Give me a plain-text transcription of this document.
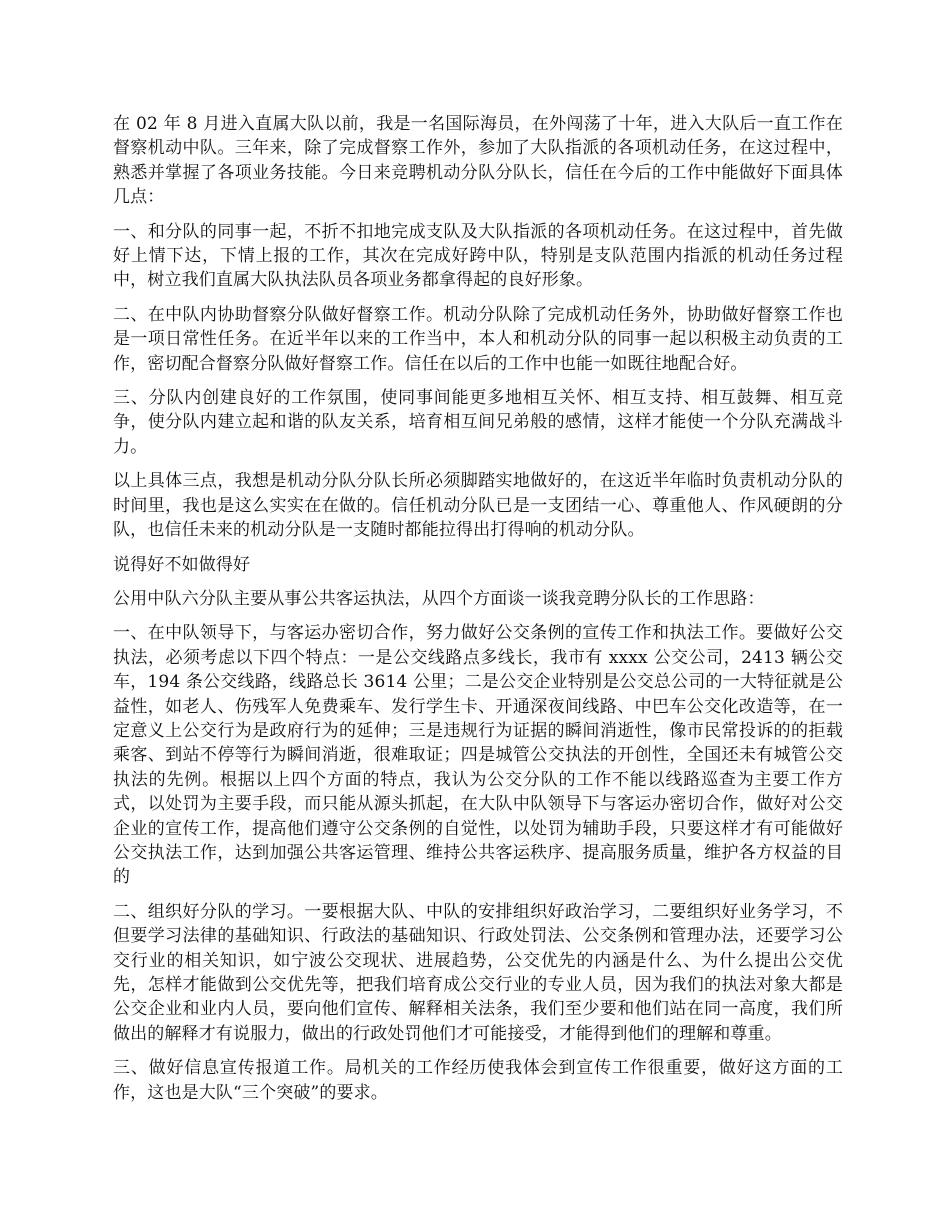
在 02 年 8 月进入直属大队以前，我是一名国际海员，在外闯荡了十年，进入大队后一直工作在督察机动中队。三年来，除了完成督察工作外，参加了大队指派的各项机动任务，在这过程中，熟悉并掌握了各项业务技能。今日来竞聘机动分队分队长，信任在今后的工作中能做好下面具体几点：

一、和分队的同事一起，不折不扣地完成支队及大队指派的各项机动任务。在这过程中，首先做好上情下达，下情上报的工作，其次在完成好跨中队，特别是支队范围内指派的机动任务过程中，树立我们直属大队执法队员各项业务都拿得起的良好形象。

二、在中队内协助督察分队做好督察工作。机动分队除了完成机动任务外，协助做好督察工作也是一项日常性任务。在近半年以来的工作当中，本人和机动分队的同事一起以积极主动负责的工作，密切配合督察分队做好督察工作。信任在以后的工作中也能一如既往地配合好。

三、分队内创建良好的工作氛围，使同事间能更多地相互关怀、相互支持、相互鼓舞、相互竞争，使分队内建立起和谐的队友关系，培育相互间兄弟般的感情，这样才能使一个分队充满战斗力。

以上具体三点，我想是机动分队分队长所必须脚踏实地做好的，在这近半年临时负责机动分队的时间里，我也是这么实实在在做的。信任机动分队已是一支团结一心、尊重他人、作风硬朗的分队，也信任未来的机动分队是一支随时都能拉得出打得响的机动分队。

说得好不如做得好

公用中队六分队主要从事公共客运执法，从四个方面谈一谈我竞聘分队长的工作思路：

一、在中队领导下，与客运办密切合作，努力做好公交条例的宣传工作和执法工作。要做好公交执法，必须考虑以下四个特点：一是公交线路点多线长，我市有 xxxx 公交公司，2413 辆公交车，194 条公交线路，线路总长 3614 公里；二是公交企业特别是公交总公司的一大特征就是公益性，如老人、伤残军人免费乘车、发行学生卡、开通深夜间线路、中巴车公交化改造等，在一定意义上公交行为是政府行为的延伸；三是违规行为证据的瞬间消逝性，像市民常投诉的的拒载乘客、到站不停等行为瞬间消逝，很难取证；四是城管公交执法的开创性，全国还未有城管公交执法的先例。根据以上四个方面的特点，我认为公交分队的工作不能以线路巡查为主要工作方式，以处罚为主要手段，而只能从源头抓起，在大队中队领导下与客运办密切合作，做好对公交企业的宣传工作，提高他们遵守公交条例的自觉性，以处罚为辅助手段，只要这样才有可能做好公交执法工作，达到加强公共客运管理、维持公共客运秩序、提高服务质量，维护各方权益的目的

二、组织好分队的学习。一要根据大队、中队的安排组织好政治学习，二要组织好业务学习，不但要学习法律的基础知识、行政法的基础知识、行政处罚法、公交条例和管理办法，还要学习公交行业的相关知识，如宁波公交现状、进展趋势，公交优先的内涵是什么、为什么提出公交优先，怎样才能做到公交优先等，把我们培育成公交行业的专业人员，因为我们的执法对象大都是公交企业和业内人员，要向他们宣传、解释相关法条，我们至少要和他们站在同一高度，我们所做出的解释才有说服力，做出的行政处罚他们才可能接受，才能得到他们的理解和尊重。

三、做好信息宣传报道工作。局机关的工作经历使我体会到宣传工作很重要，做好这方面的工作，这也是大队“三个突破”的要求。
